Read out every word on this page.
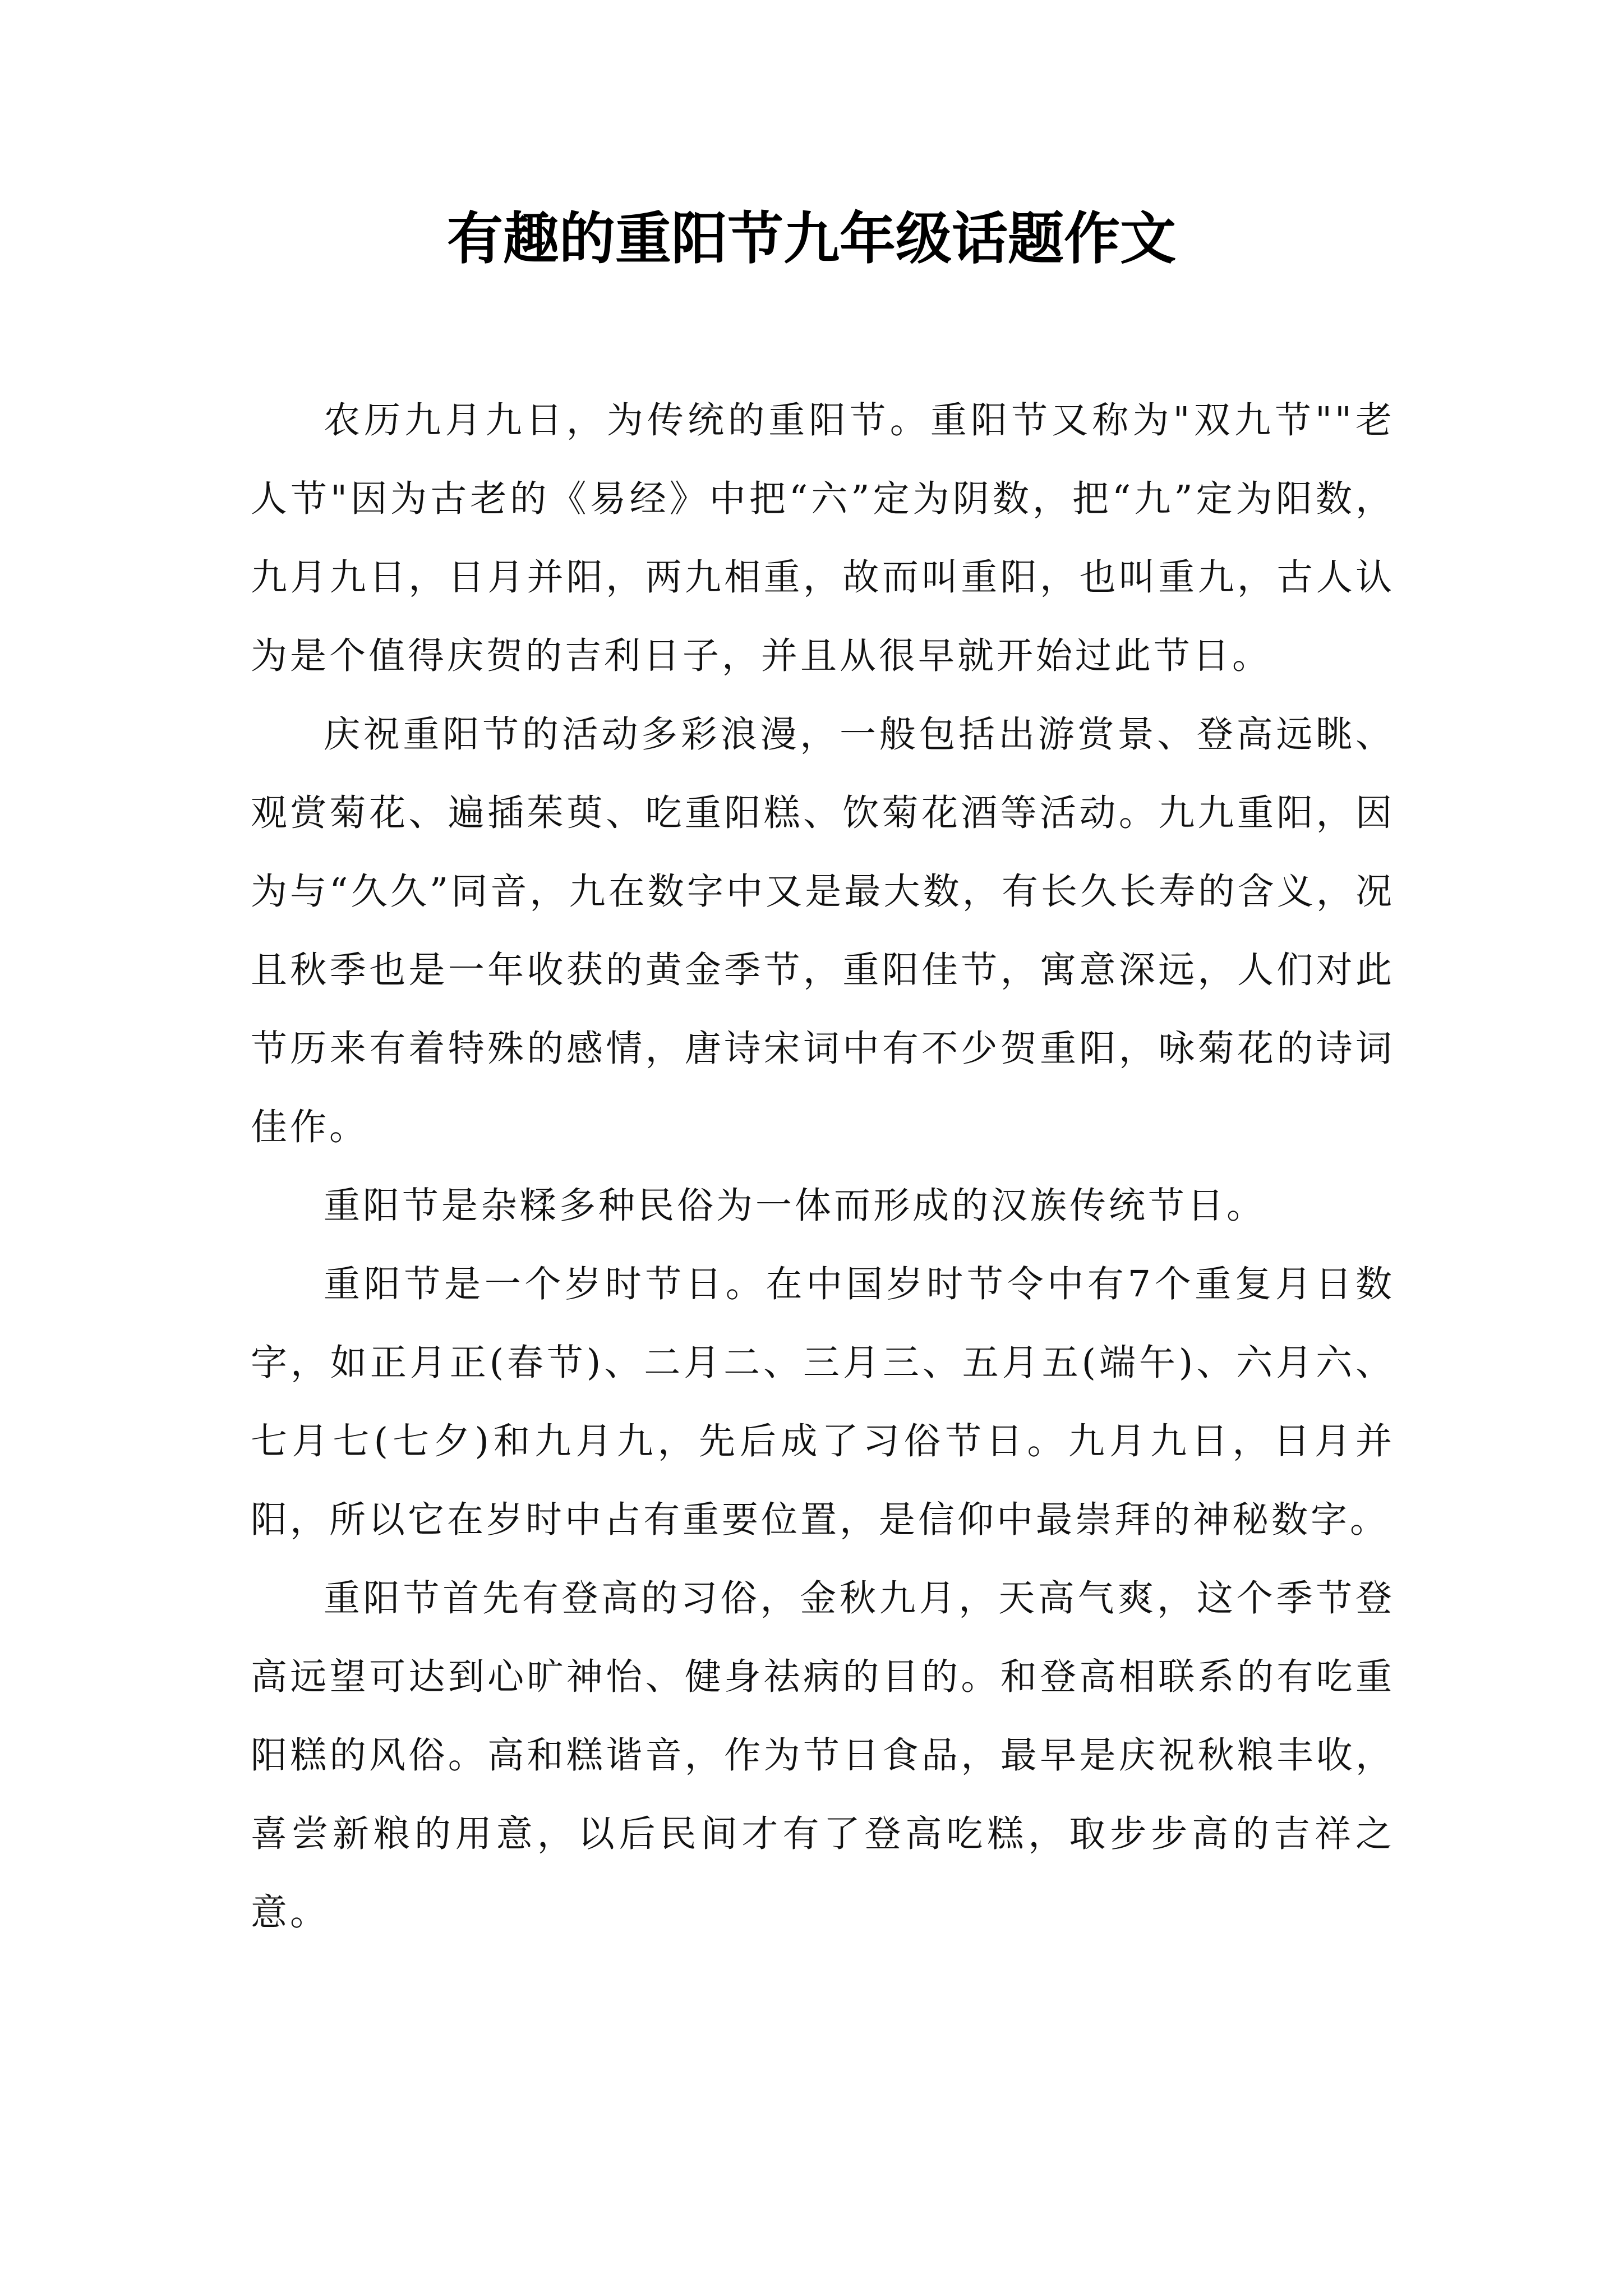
有趣的重阳节九年级话题作文

农历九月九日，为传统的重阳节。重阳节又称为"双九节""老人节"因为古老的《易经》中把“六”定为阴数，把“九”定为阳数，九月九日，日月并阳，两九相重，故而叫重阳，也叫重九，古人认为是个值得庆贺的吉利日子，并且从很早就开始过此节日。

庆祝重阳节的活动多彩浪漫，一般包括出游赏景、登高远眺、观赏菊花、遍插茱萸、吃重阳糕、饮菊花酒等活动。九九重阳，因为与“久久”同音，九在数字中又是最大数，有长久长寿的含义，况且秋季也是一年收获的黄金季节，重阳佳节，寓意深远，人们对此节历来有着特殊的感情，唐诗宋词中有不少贺重阳，咏菊花的诗词佳作。

重阳节是杂糅多种民俗为一体而形成的汉族传统节日。

重阳节是一个岁时节日。在中国岁时节令中有7个重复月日数字，如正月正(春节)、二月二、三月三、五月五(端午)、六月六、七月七(七夕)和九月九，先后成了习俗节日。九月九日，日月并阳，所以它在岁时中占有重要位置，是信仰中最崇拜的神秘数字。

重阳节首先有登高的习俗，金秋九月，天高气爽，这个季节登高远望可达到心旷神怡、健身祛病的目的。和登高相联系的有吃重阳糕的风俗。高和糕谐音，作为节日食品，最早是庆祝秋粮丰收，喜尝新粮的用意，以后民间才有了登高吃糕，取步步高的吉祥之意。
